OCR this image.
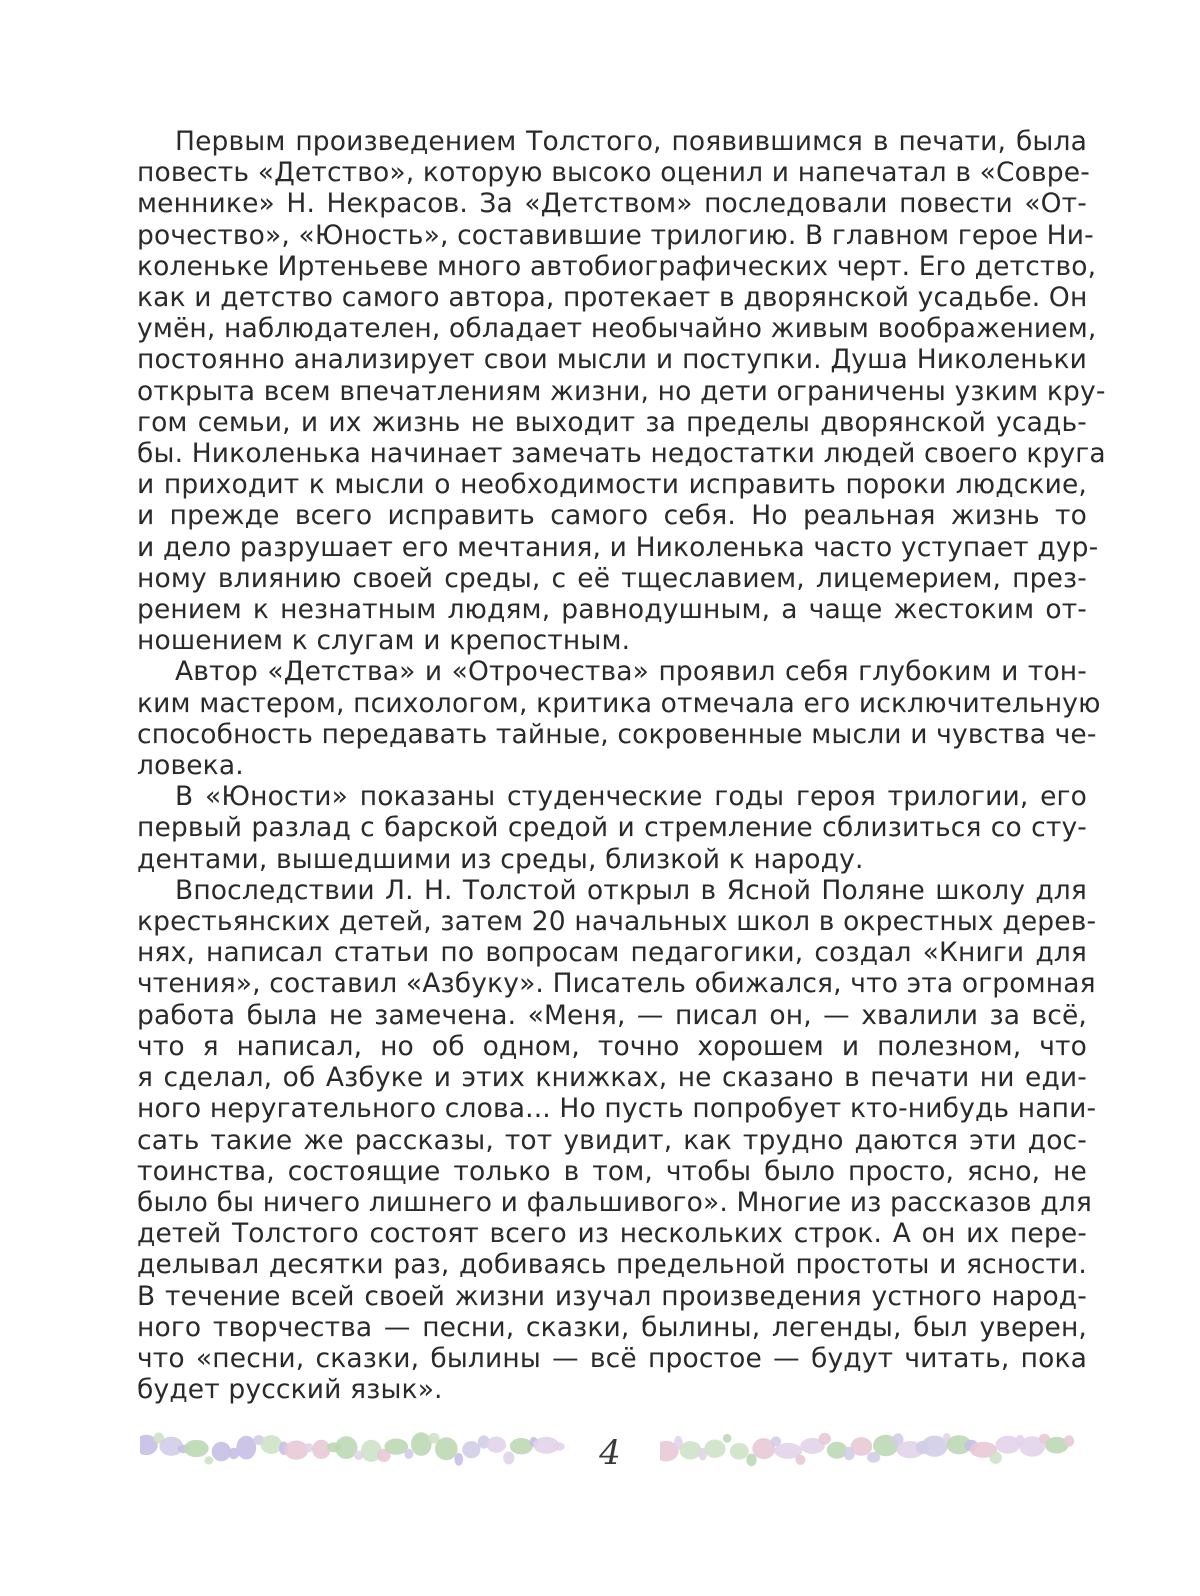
Первым произведением Толстого, появившимся в печати, была
повесть «Детство», которую высоко оценил и напечатал в «Совре-
меннике» Н. Некрасов. За «Детством» последовали повести «От-
рочество», «Юность», составившие трилогию. В главном герое Ни-
коленьке Иртеньеве много автобиографических черт. Его детство,
как и детство самого автора, протекает в дворянской усадьбе. Он
умён, наблюдателен, обладает необычайно живым воображением,
постоянно анализирует свои мысли и поступки. Душа Николеньки
открыта всем впечатлениям жизни, но дети ограничены узким кру-
гом семьи, и их жизнь не выходит за пределы дворянской усадь-
бы. Николенька начинает замечать недостатки людей своего круга
и приходит к мысли о необходимости исправить пороки людские,
и прежде всего исправить самого себя. Но реальная жизнь то
и дело разрушает его мечтания, и Николенька часто уступает дур-
ному влиянию своей среды, с её тщеславием, лицемерием, през-
рением к незнатным людям, равнодушным, а чаще жестоким от-
ношением к слугам и крепостным.

Автор «Детства» и «Отрочества» проявил себя глубоким и тон-
ким мастером, психологом, критика отмечала его исключительную
способность передавать тайные, сокровенные мысли и чувства че-
ловека.

В «Юности» показаны студенческие годы героя трилогии, его
первый разлад с барской средой и стремление сблизиться со сту-
дентами, вышедшими из среды, близкой к народу.

Впоследствии Л. Н. Толстой открыл в Ясной Поляне школу для
крестьянских детей, затем 20 начальных школ в окрестных дерев-
нях, написал статьи по вопросам педагогики, создал «Книги для
чтения», составил «Азбуку». Писатель обижался, что эта огромная
работа была не замечена. «Меня, — писал он, — хвалили за всё,
что я написал, но об одном, точно хорошем и полезном, что
я сделал, об Азбуке и этих книжках, не сказано в печати ни еди-
ного неругательного слова... Но пусть попробует кто-нибудь напи-
сать такие же рассказы, тот увидит, как трудно даются эти дос-
тоинства, состоящие только в том, чтобы было просто, ясно, не
было бы ничего лишнего и фальшивого». Многие из рассказов для
детей Толстого состоят всего из нескольких строк. А он их пере-
делывал десятки раз, добиваясь предельной простоты и ясности.
В течение всей своей жизни изучал произведения устного народ-
ного творчества — песни, сказки, былины, легенды, был уверен,
что «песни, сказки, былины — всё простое — будут читать, пока
будет русский язык».

4
